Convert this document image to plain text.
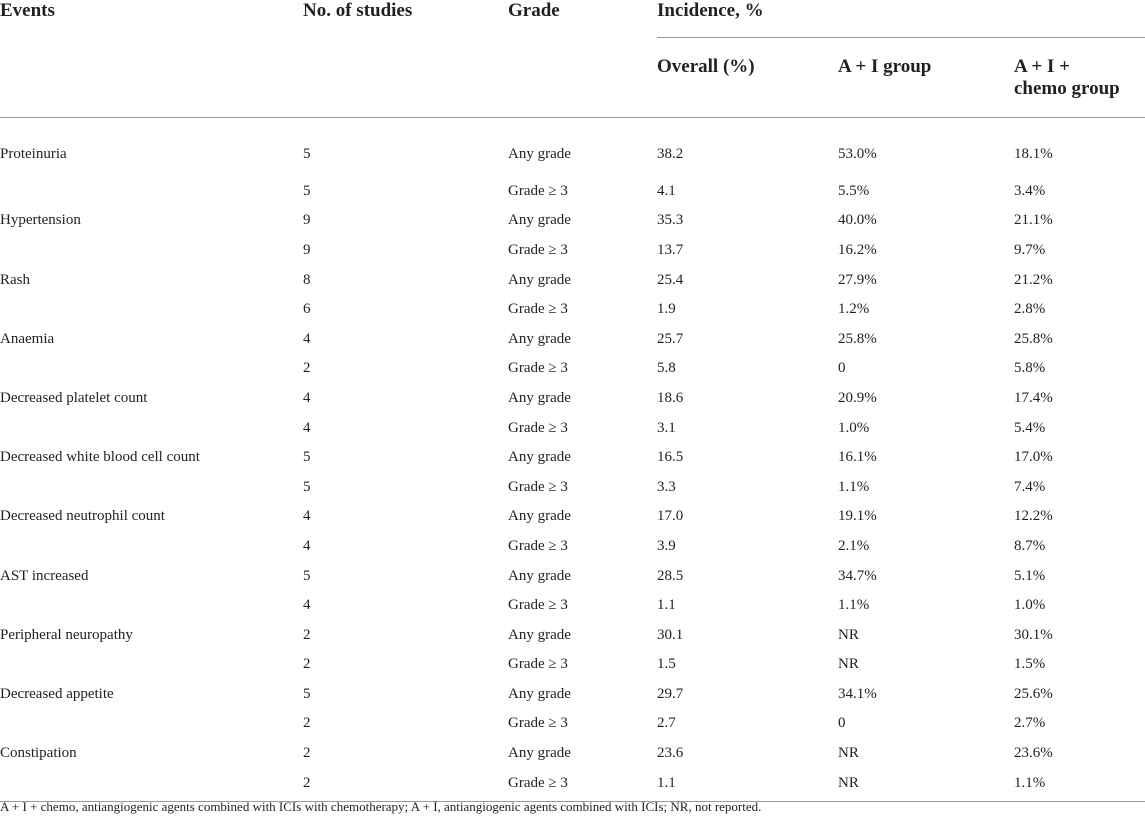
Events	No. of studies	Grade	Incidence, %		
			Overall (%)	A + I group	A + I +
chemo group
Proteinuria	5	Any grade	38.2	53.0%	18.1%
	5	Grade ≥ 3	4.1	5.5%	3.4%
Hypertension	9	Any grade	35.3	40.0%	21.1%
	9	Grade ≥ 3	13.7	16.2%	9.7%
Rash	8	Any grade	25.4	27.9%	21.2%
	6	Grade ≥ 3	1.9	1.2%	2.8%
Anaemia	4	Any grade	25.7	25.8%	25.8%
	2	Grade ≥ 3	5.8	0	5.8%
Decreased platelet count	4	Any grade	18.6	20.9%	17.4%
	4	Grade ≥ 3	3.1	1.0%	5.4%
Decreased white blood cell count	5	Any grade	16.5	16.1%	17.0%
	5	Grade ≥ 3	3.3	1.1%	7.4%
Decreased neutrophil count	4	Any grade	17.0	19.1%	12.2%
	4	Grade ≥ 3	3.9	2.1%	8.7%
AST increased	5	Any grade	28.5	34.7%	5.1%
	4	Grade ≥ 3	1.1	1.1%	1.0%
Peripheral neuropathy	2	Any grade	30.1	NR	30.1%
	2	Grade ≥ 3	1.5	NR	1.5%
Decreased appetite	5	Any grade	29.7	34.1%	25.6%
	2	Grade ≥ 3	2.7	0	2.7%
Constipation	2	Any grade	23.6	NR	23.6%
	2	Grade ≥ 3	1.1	NR	1.1%
A + I + chemo, antiangiogenic agents combined with ICIs with chemotherapy; A + I, antiangiogenic agents combined with ICIs; NR, not reported.
